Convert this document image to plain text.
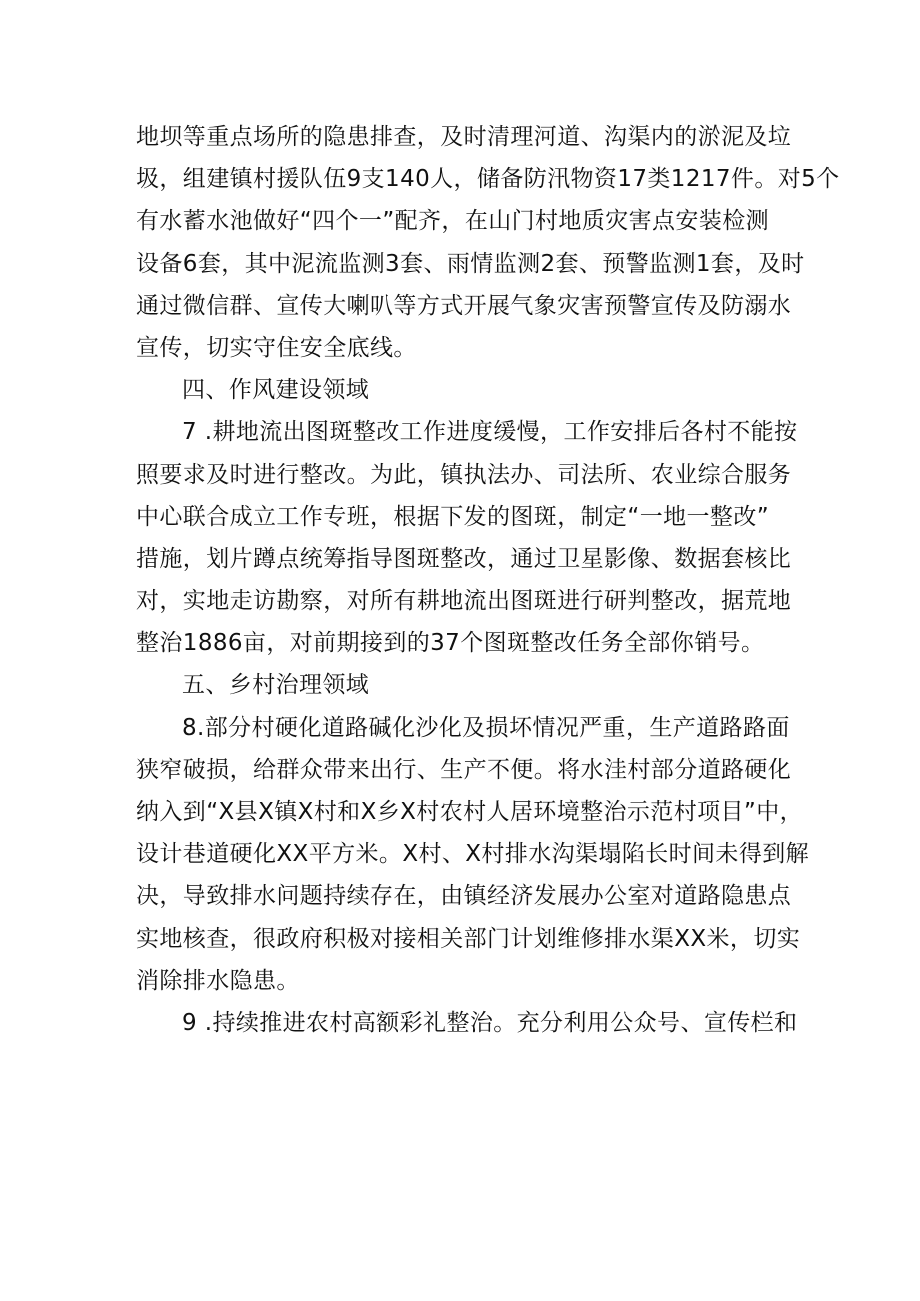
地坝等重点场所的隐患排查，及时清理河道、沟渠内的淤泥及垃
圾，组建镇村援队伍9支140人，储备防汛物资17类1217件。对5个
有水蓄水池做好“四个一”配齐，在山门村地质灾害点安装检测
设备6套，其中泥流监测3套、雨情监测2套、预警监测1套，及时
通过微信群、宣传大喇叭等方式开展气象灾害预警宣传及防溺水
宣传，切实守住安全底线。
四、作风建设领域
7 .耕地流出图斑整改工作进度缓慢，工作安排后各村不能按
照要求及时进行整改。为此，镇执法办、司法所、农业综合服务
中心联合成立工作专班，根据下发的图斑，制定“一地一整改”
措施，划片蹲点统筹指导图斑整改，通过卫星影像、数据套核比
对，实地走访勘察，对所有耕地流出图斑进行研判整改，据荒地
整治1886亩，对前期接到的37个图斑整改任务全部你销号。
五、乡村治理领域
8.部分村硬化道路碱化沙化及损坏情况严重，生产道路路面
狭窄破损，给群众带来出行、生产不便。将水洼村部分道路硬化
纳入到“X县X镇X村和X乡X村农村人居环境整治示范村项目”中，
设计巷道硬化XX平方米。X村、X村排水沟渠塌陷长时间未得到解
决，导致排水问题持续存在，由镇经济发展办公室对道路隐患点
实地核查，很政府积极对接相关部门计划维修排水渠XX米，切实
消除排水隐患。
9 .持续推进农村高额彩礼整治。充分利用公众号、宣传栏和
